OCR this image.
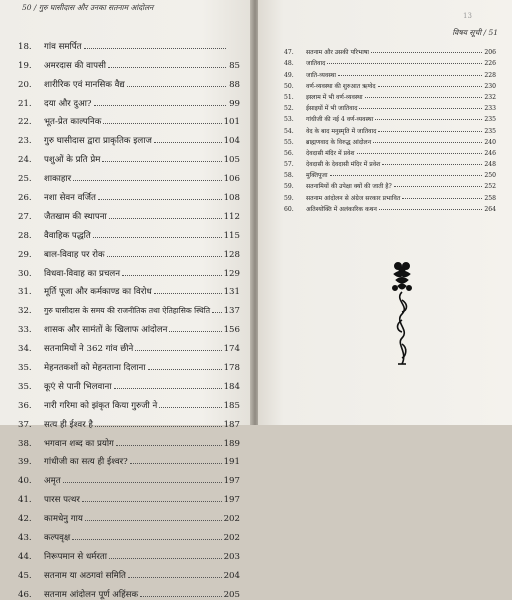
50 / गुरु घासीदास और उनका सतनाम आंदोलन
18.	गांव समर्पित
19.	अमरदास की वापसी	85
20.	शारीरिक एवं मानसिक वैद्य	88
21.	दया और दुआ?	99
22.	भूत-प्रेत काल्पनिक	101
23.	गुरु घासीदास द्वारा प्राकृतिक इलाज	104
24.	पशुओं के प्रति प्रेम	105
25.	शाकाहार	106
26.	नशा सेवन वर्जित	108
27.	जैतखाम की स्थापना	112
28.	वैवाहिक पद्धति	115
29.	बाल-विवाह पर रोक	128
30.	विधवा-विवाह का प्रचलन	129
31.	मूर्ति पूजा और कर्मकाण्ड का विरोध	131
32.	गुरु घासीदास के समय की राजनीतिक तथा ऐतिहासिक स्थिति 137
33.	शासक और सामंतों के खिलाफ आंदोलन	156
34.	सतनामियों ने 362 गांव छीने	174
35.	मेहनतकशों को मेहनताना दिलाना	178
35.	कूएं से पानी भिलवाना	184
36.	नारी गरिमा को झंकृत किया गुरुजी ने	185
37.	सत्य ही ईश्वर है	187
38.	भगवान शब्द का प्रयोग	189
39.	गांधीजी का सत्य ही ईश्वर?	191
40.	अमृत	197
41.	पारस पत्थर	197
42.	कामधेनु गाय	202
43.	कल्पवृक्ष	202
44.	निरूपमान से धर्मरता	203
45.	सतनाम या अठगवां समिति	204
46.	सतनाम आंदोलन पूर्ण अहिंसक	205
13
विषय सूची / 51
47.	सतनाम और उसकी परिभाषा	206
48.	जातिवाद	226
49.	जाति-व्यवस्था	228
50.	वर्ण-व्यवस्था की शुरुआत ऋग्वेद	230
51.	इस्लाम में भी वर्ण-व्यवस्था	232
52.	ईसाइयों में भी जातिवाद	233
53.	गांधीजी की नई 4 वर्ण-व्यवस्था	235
54.	वेद के बाद मनुस्मृति में जातिवाद	235
55.	ब्राह्मणवाद के विरुद्ध आंदोलन	240
56.	देवदासी मंदिर में प्रवेश	246
57.	देवदासी के देवदासी मंदिर में प्रवेश	248
58.	मुक्तिपूजा	250
59.	सतनामियों की उपेक्षा क्यों की जाती है?	252
59.	सतनाम आंदोलन से अंग्रेज सरकार प्रभावित	258
60.	अतिश्योक्ति में अलंकारिक कथन	264
